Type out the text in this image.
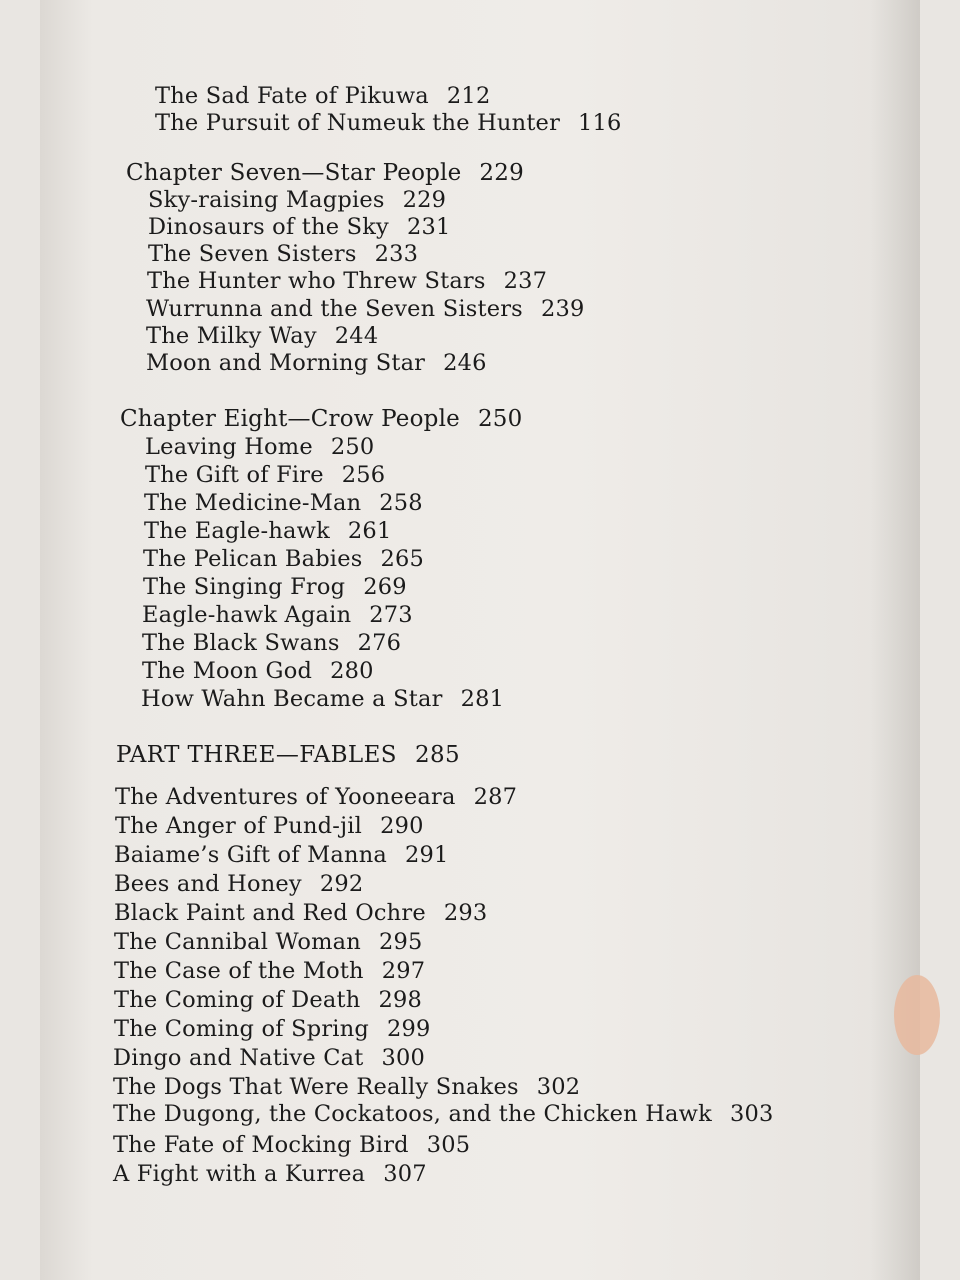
The Sad Fate of Pikuwa 212
The Pursuit of Numeuk the Hunter 116
Chapter Seven—Star People 229
Sky-raising Magpies 229
Dinosaurs of the Sky 231
The Seven Sisters 233
The Hunter who Threw Stars 237
Wurrunna and the Seven Sisters 239
The Milky Way 244
Moon and Morning Star 246
Chapter Eight—Crow People 250
Leaving Home 250
The Gift of Fire 256
The Medicine-Man 258
The Eagle-hawk 261
The Pelican Babies 265
The Singing Frog 269
Eagle-hawk Again 273
The Black Swans 276
The Moon God 280
How Wahn Became a Star 281
PART THREE—FABLES 285
The Adventures of Yooneeara 287
The Anger of Pund-jil 290
Baiame’s Gift of Manna 291
Bees and Honey 292
Black Paint and Red Ochre 293
The Cannibal Woman 295
The Case of the Moth 297
The Coming of Death 298
The Coming of Spring 299
Dingo and Native Cat 300
The Dogs That Were Really Snakes 302
The Dugong, the Cockatoos, and the Chicken Hawk 303
The Fate of Mocking Bird 305
A Fight with a Kurrea 307
